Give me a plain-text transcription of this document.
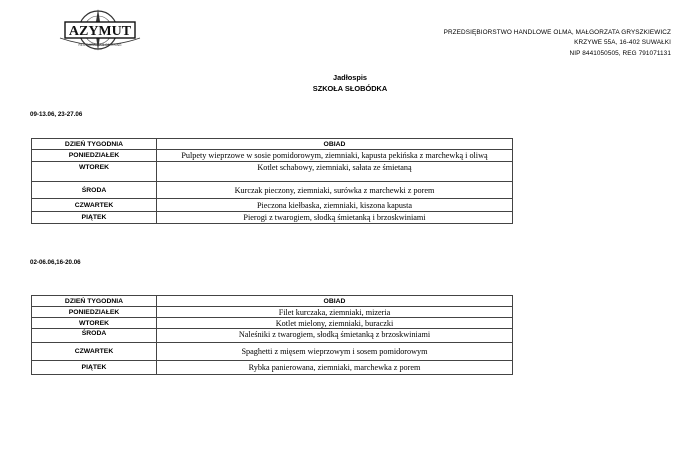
AZYMUT
RESTAURACJA & CATERING
PRZEDSIĘBIORSTWO HANDLOWE OLMA, MAŁGORZATA GRYSZKIEWICZ
KRZYWE 55A, 16-402 SUWAŁKI
NIP 8441050505, REG 791071131
Jadłospis
SZKOŁA SŁOBÓDKA
09-13.06, 23-27.06
DZIEŃ TYGODNIA	OBIAD
PONIEDZIAŁEK	Pulpety wieprzowe w sosie pomidorowym, ziemniaki, kapusta pekińska z marchewką i oliwą
WTOREK	Kotlet schabowy, ziemniaki, sałata ze śmietaną
ŚRODA	Kurczak pieczony, ziemniaki, surówka z marchewki z porem
CZWARTEK	Pieczona kiełbaska, ziemniaki, kiszona kapusta
PIĄTEK	Pierogi z twarogiem, słodką śmietanką i brzoskwiniami
02-06.06,16-20.06
DZIEŃ TYGODNIA	OBIAD
PONIEDZIAŁEK	Filet kurczaka, ziemniaki, mizeria
WTOREK	Kotlet mielony, ziemniaki, buraczki
ŚRODA	Naleśniki z twarogiem, słodką śmietanką z brzoskwiniami
CZWARTEK	Spaghetti z mięsem wieprzowym i sosem pomidorowym
PIĄTEK	Rybka panierowana, ziemniaki, marchewka z porem
